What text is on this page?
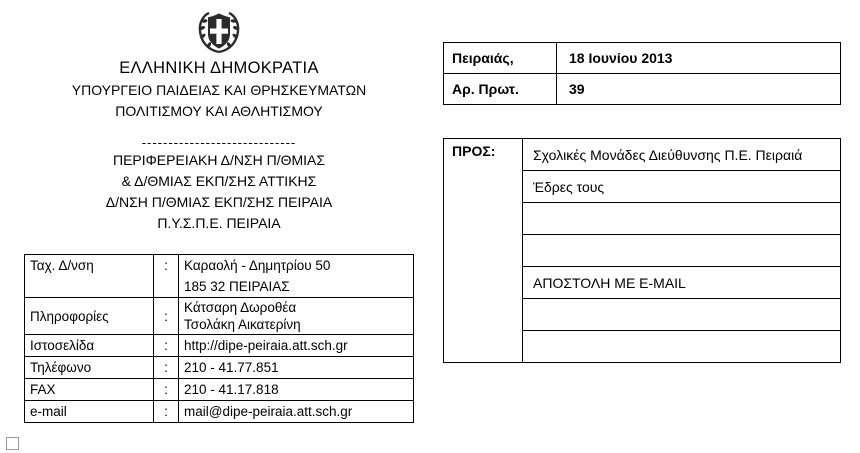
ΕΛΛΗΝΙΚΗ ΔΗΜΟΚΡΑΤΙΑ
ΥΠΟΥΡΓΕΙΟ ΠΑΙΔΕΙΑΣ ΚΑΙ ΘΡΗΣΚΕΥΜΑΤΩΝ
ΠΟΛΙΤΙΣΜΟΥ ΚΑΙ ΑΘΛΗΤΙΣΜΟΥ
-----------------------------
ΠΕΡΙΦΕΡΕΙΑΚΗ Δ/ΝΣΗ Π/ΘΜΙΑΣ
& Δ/ΘΜΙΑΣ ΕΚΠ/ΣΗΣ ΑΤΤΙΚΗΣ
Δ/ΝΣΗ Π/ΘΜΙΑΣ ΕΚΠ/ΣΗΣ ΠΕΙΡΑΙΑ
Π.Υ.Σ.Π.Ε. ΠΕΙΡΑΙΑ
Ταχ. Δ/νση	:	Καραολή - Δημητρίου 50
		185 32 ΠΕΙΡΑΙΑΣ
Πληροφορίες	:	Κάτσαρη Δωροθέα
Τσολάκη Αικατερίνη

Ιστοσελίδα	:	http://dipe-peiraia.att.sch.gr
Τηλέφωνο	:	210 - 41.77.851
FAX	:	210 - 41.17.818
e-mail	:	mail@dipe-peiraia.att.sch.gr
Πειραιάς,	18 Ιουνίου 2013
Αρ. Πρωτ.	39
ΠΡΟΣ:	Σχολικές Μονάδες Διεύθυνσης Π.Ε. Πειραιά
Έδρες τους

ΑΠΟΣΤΟΛΗ ΜΕ E-MAIL
